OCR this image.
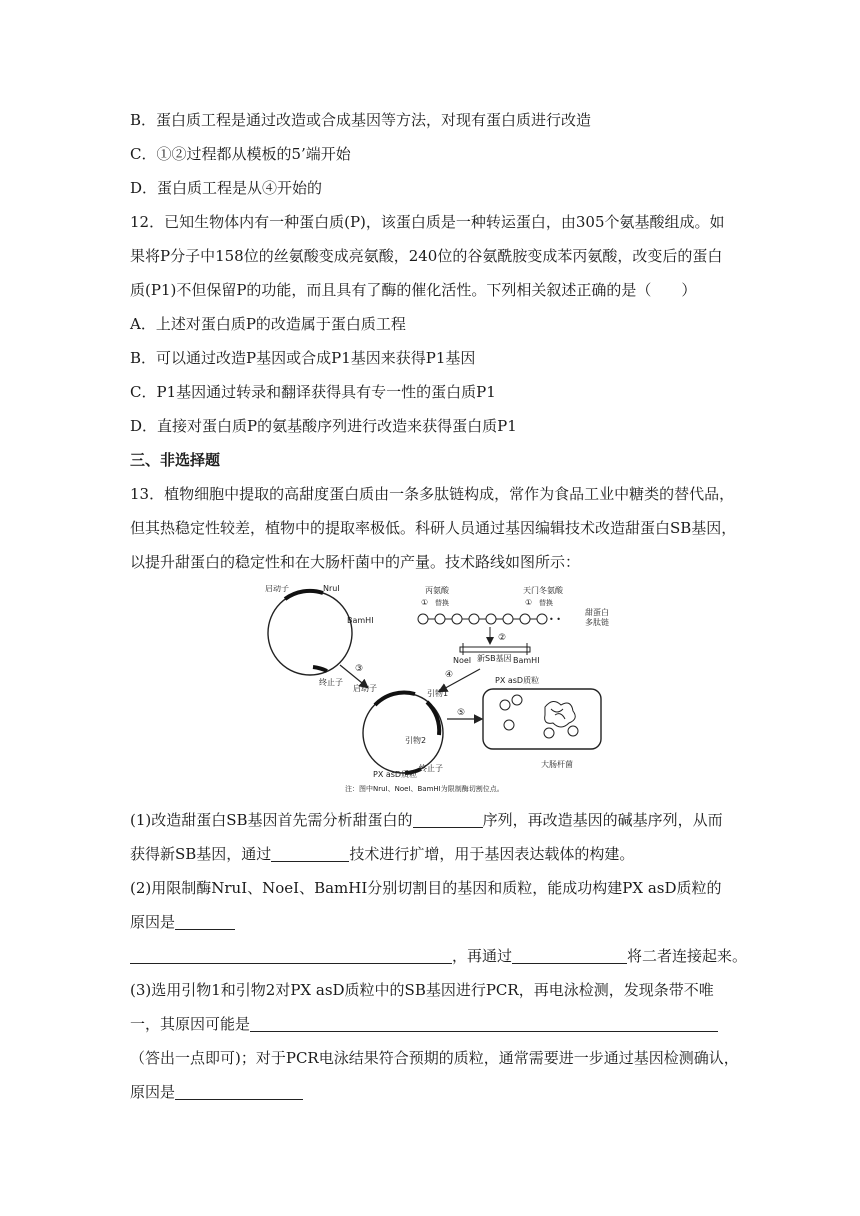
B．蛋白质工程是通过改造或合成基因等方法，对现有蛋白质进行改造
C．①②过程都从模板的5’端开始
D．蛋白质工程是从④开始的
12．已知生物体内有一种蛋白质(P)，该蛋白质是一种转运蛋白，由305个氨基酸组成。如
果将P分子中158位的丝氨酸变成亮氨酸，240位的谷氨酰胺变成苯丙氨酸，改变后的蛋白
质(P1)不但保留P的功能，而且具有了酶的催化活性。下列相关叙述正确的是（　　）
A．上述对蛋白质P的改造属于蛋白质工程
B．可以通过改造P基因或合成P1基因来获得P1基因
C．P1基因通过转录和翻译获得具有专一性的蛋白质P1
D．直接对蛋白质P的氨基酸序列进行改造来获得蛋白质P1
三、非选择题
13．植物细胞中提取的高甜度蛋白质由一条多肽链构成，常作为食品工业中糖类的替代品，
但其热稳定性较差，植物中的提取率极低。科研人员通过基因编辑技术改造甜蛋白SB基因，
以提升甜蛋白的稳定性和在大肠杆菌中的产量。技术路线如图所示：
启动子	NruI
BamHI
终止子
③
丙氨酸	天门冬氨酸
① 替换	① 替换
• •
甜蛋白
多肽链
②
NoeI 新SB基因 BamHI
④
启动子
引物1
引物2
PX asD质粒
终止子
⑤
PX asD质粒
大肠杆菌
注：图中NruI、NoeI、BamHI为限制酶切割位点。
(1)改造甜蛋白SB基因首先需分析甜蛋白的	序列，再改造基因的碱基序列，从而
获得新SB基因，通过	技术进行扩增，用于基因表达载体的构建。
(2)用限制酶NruⅠ、NoeⅠ、BamHⅠ分别切割目的基因和质粒，能成功构建PX asD质粒的
原因是
，再通过	将二者连接起来。
(3)选用引物1和引物2对PX asD质粒中的SB基因进行PCR，再电泳检测，发现条带不唯
一，其原因可能是
（答出一点即可)；对于PCR电泳结果符合预期的质粒，通常需要进一步通过基因检测确认，
原因是
